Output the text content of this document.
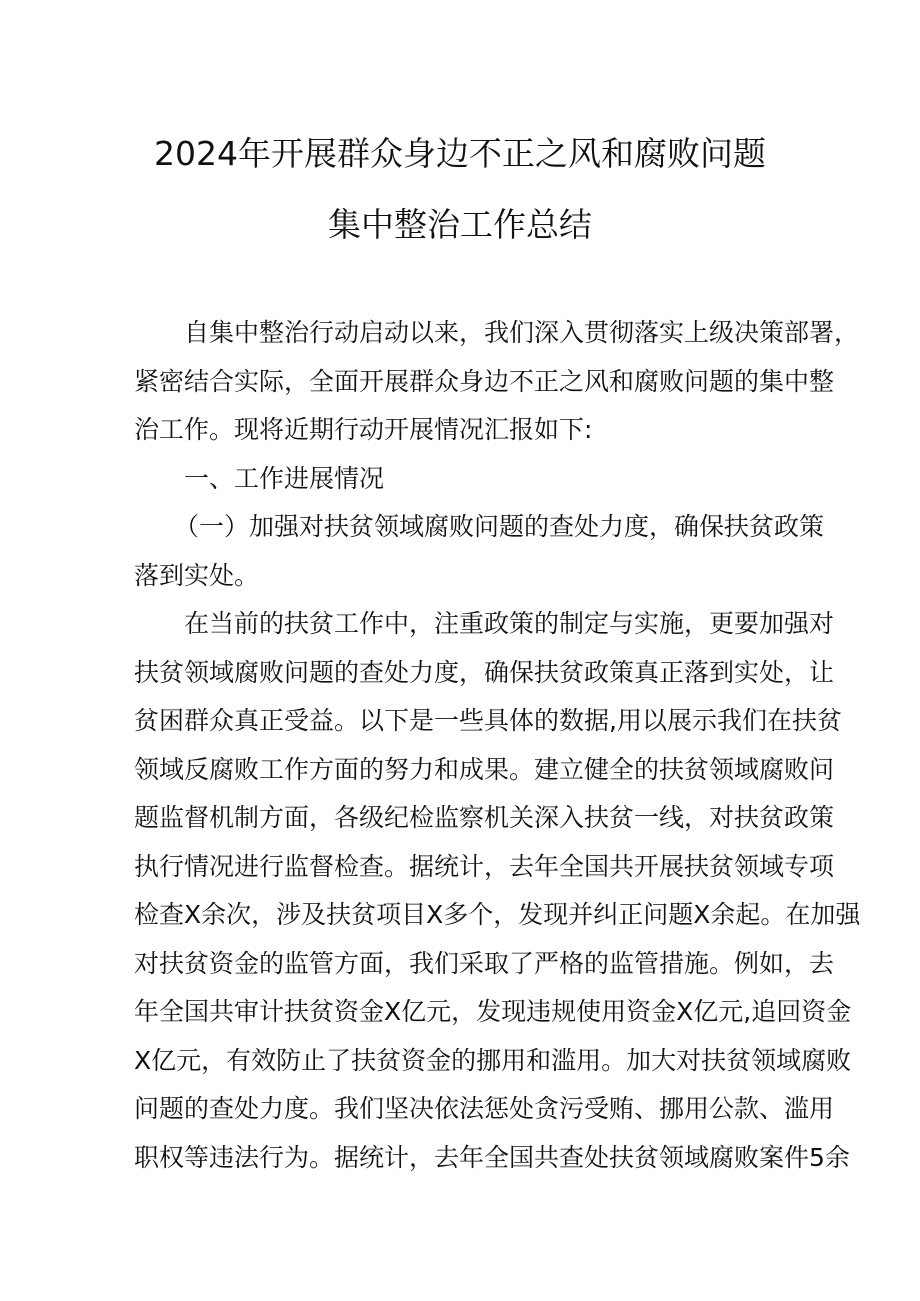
2024年开展群众身边不正之风和腐败问题
集中整治工作总结
自集中整治行动启动以来，我们深入贯彻落实上级决策部署，
紧密结合实际，全面开展群众身边不正之风和腐败问题的集中整
治工作。现将近期行动开展情况汇报如下:
一、工作进展情况
（一）加强对扶贫领域腐败问题的查处力度，确保扶贫政策
落到实处。
在当前的扶贫工作中，注重政策的制定与实施，更要加强对
扶贫领域腐败问题的查处力度，确保扶贫政策真正落到实处，让
贫困群众真正受益。以下是一些具体的数据,用以展示我们在扶贫
领域反腐败工作方面的努力和成果。建立健全的扶贫领域腐败问
题监督机制方面，各级纪检监察机关深入扶贫一线，对扶贫政策
执行情况进行监督检查。据统计，去年全国共开展扶贫领域专项
检查X余次，涉及扶贫项目X多个，发现并纠正问题X余起。在加强
对扶贫资金的监管方面，我们采取了严格的监管措施。例如，去
年全国共审计扶贫资金X亿元，发现违规使用资金X亿元,追回资金
X亿元，有效防止了扶贫资金的挪用和滥用。加大对扶贫领域腐败
问题的查处力度。我们坚决依法惩处贪污受贿、挪用公款、滥用
职权等违法行为。据统计，去年全国共查处扶贫领域腐败案件5余
